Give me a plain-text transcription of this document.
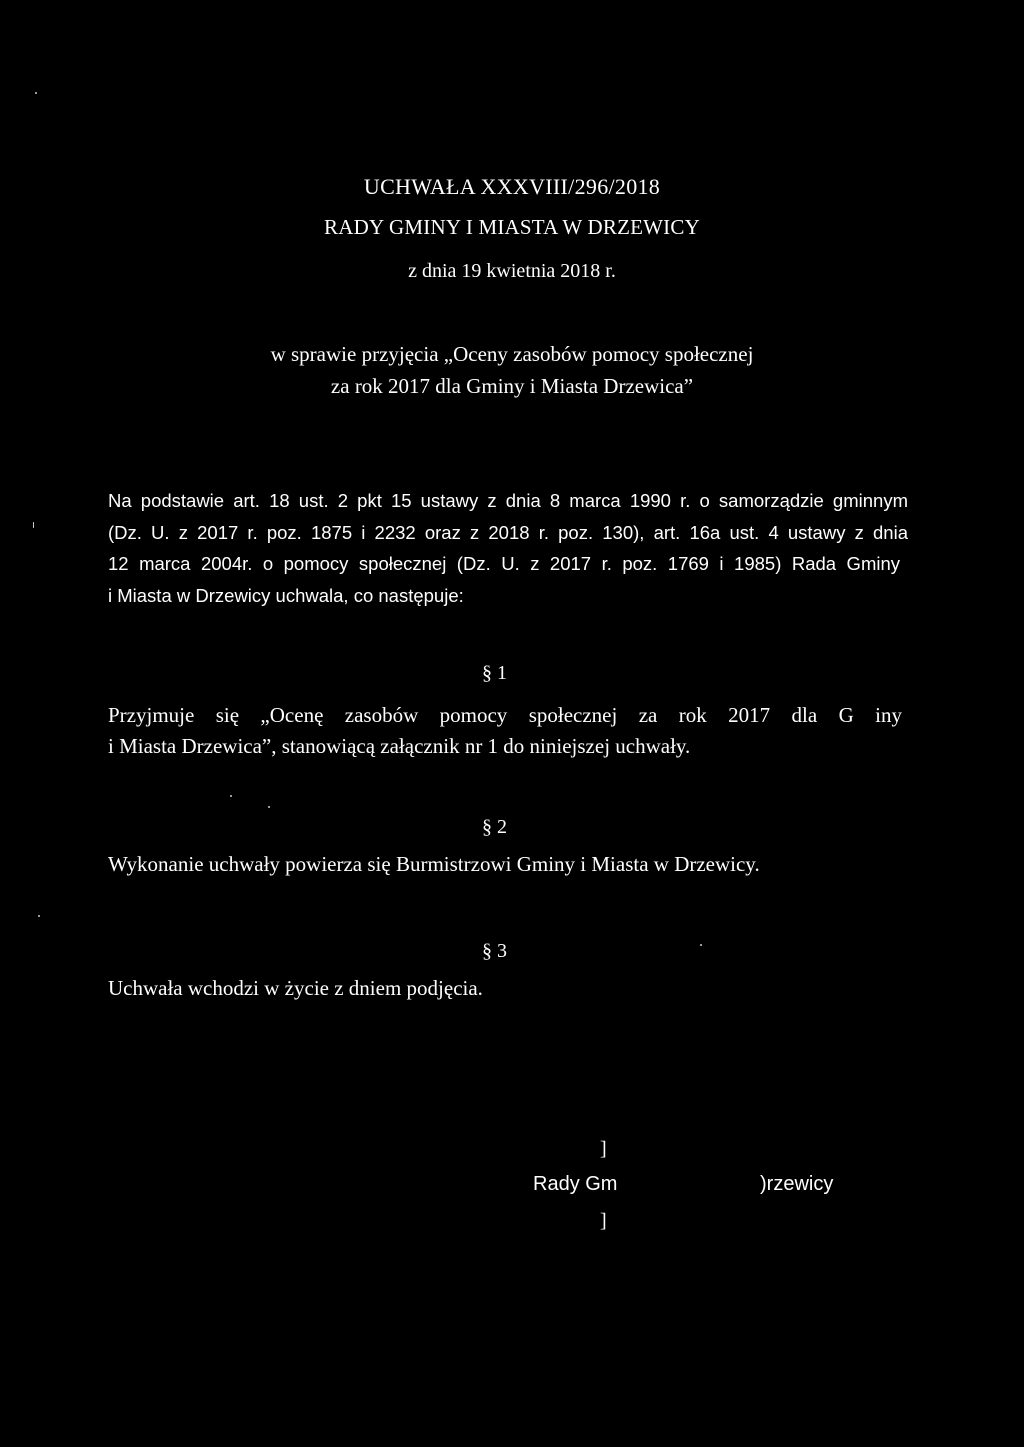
UCHWAŁA XXXVIII/296/2018
RADY GMINY I MIASTA W DRZEWICY
z dnia 19 kwietnia 2018 r.
w sprawie przyjęcia „Oceny zasobów pomocy społecznej
za rok 2017 dla Gminy i Miasta Drzewica”
Na podstawie art. 18 ust. 2 pkt 15 ustawy z dnia 8 marca 1990 r. o samorządzie gminnym
(Dz. U. z 2017 r. poz. 1875 i 2232 oraz z 2018 r. poz. 130), art. 16a ust. 4 ustawy z dnia
12 marca 2004r. o pomocy społecznej (Dz. U. z 2017 r. poz. 1769 i 1985) Rada Gminy
i Miasta w Drzewicy uchwala, co następuje:
§ 1
Przyjmuje się „Ocenę zasobów pomocy społecznej za rok 2017 dla G iny
i Miasta Drzewica”, stanowiącą załącznik nr 1 do niniejszej uchwały.
§ 2
Wykonanie uchwały powierza się Burmistrzowi Gminy i Miasta w Drzewicy.
§ 3
Uchwała wchodzi w życie z dniem podjęcia.
]
Rady Gm	)rzewicy
]
